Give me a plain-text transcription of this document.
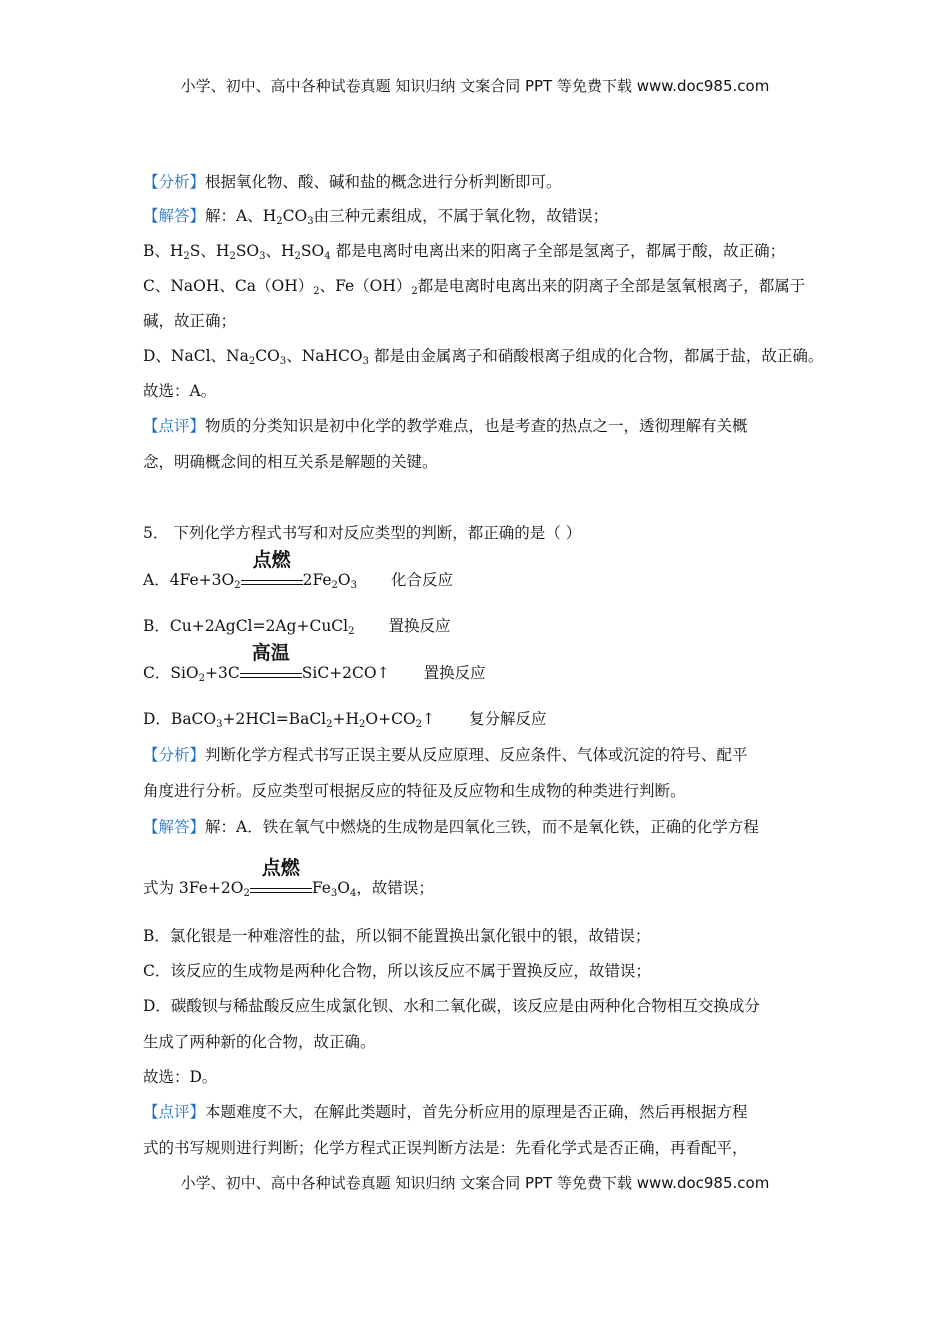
小学、初中、高中各种试卷真题 知识归纳 文案合同 PPT 等免费下载 www.doc985.com
【分析】根据氧化物、酸、碱和盐的概念进行分析判断即可。
【解答】解：A、$H_2CO_3$由三种元素组成，不属于氧化物，故错误；
B、$H_2S$、$H_2SO_3$、$H_2SO_4$ 都是电离时电离出来的阳离子全部是氢离子，都属于酸，故正确；
C、NaOH、$Ca(OH)_2$、$Fe(OH)_2$都是电离时电离出来的阴离子全部是氢氧根离子，都属于
碱，故正确；
D、NaCl、$Na_2CO_3$、NaHCO$_3$ 都是由金属离子和硝酸根离子组成的化合物，都属于盐，故正确。
故选：A。
【点评】物质的分类知识是初中化学的教学难点，也是考查的热点之一，透彻理解有关概
念，明确概念间的相互关系是解题的关键。
5． 下列化学方程式书写和对反应类型的判断，都正确的是（ ）
A．$4Fe+3O_2$
点燃
$2Fe_2O_3$ 化合反应
B．Cu+2AgCl=2Ag+CuCl$_2$ 置换反应
C．SiO$_2$+3C
高温
SiC+2CO↑ 置换反应
D．$BaCO_3+2HCl=BaCl_2+H_2O+CO_2↑$ 复分解反应
【分析】判断化学方程式书写正误主要从反应原理、反应条件、气体或沉淀的符号、配平
角度进行分析。反应类型可根据反应的特征及反应物和生成物的种类进行判断。
【解答】解：A．铁在氧气中燃烧的生成物是四氧化三铁，而不是氧化铁，正确的化学方程
式为 $3Fe+2O_2$
点燃
$Fe_3O_4$，故错误；
B．氯化银是一种难溶性的盐，所以铜不能置换出氯化银中的银，故错误；
C．该反应的生成物是两种化合物，所以该反应不属于置换反应，故错误；
D．碳酸钡与稀盐酸反应生成氯化钡、水和二氧化碳，该反应是由两种化合物相互交换成分
生成了两种新的化合物，故正确。
故选：D。
【点评】本题难度不大，在解此类题时，首先分析应用的原理是否正确，然后再根据方程
式的书写规则进行判断；化学方程式正误判断方法是：先看化学式是否正确，再看配平，
小学、初中、高中各种试卷真题 知识归纳 文案合同 PPT 等免费下载 www.doc985.com
